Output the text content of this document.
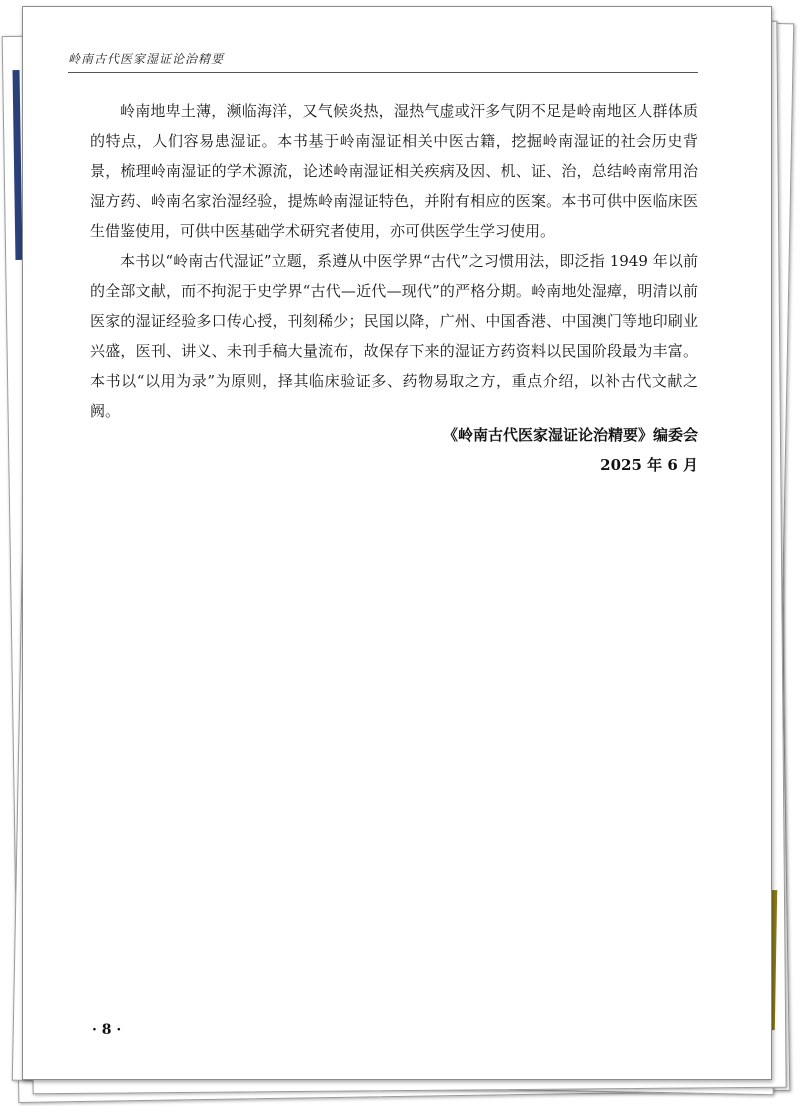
岭南古代医家湿证论治精要

岭南地卑土薄，濒临海洋，又气候炎热，湿热气虚或汗多气阴不足是岭南地区人群体质的特点，人们容易患湿证。本书基于岭南湿证相关中医古籍，挖掘岭南湿证的社会历史背景，梳理岭南湿证的学术源流，论述岭南湿证相关疾病及因、机、证、治，总结岭南常用治湿方药、岭南名家治湿经验，提炼岭南湿证特色，并附有相应的医案。本书可供中医临床医生借鉴使用，可供中医基础学术研究者使用，亦可供医学生学习使用。

本书以“岭南古代湿证”立题，系遵从中医学界“古代”之习惯用法，即泛指 1949 年以前的全部文献，而不拘泥于史学界“古代—近代—现代”的严格分期。岭南地处湿瘴，明清以前医家的湿证经验多口传心授，刊刻稀少；民国以降，广州、中国香港、中国澳门等地印刷业兴盛，医刊、讲义、未刊手稿大量流布，故保存下来的湿证方药资料以民国阶段最为丰富。本书以“以用为录”为原则，择其临床验证多、药物易取之方，重点介绍，以补古代文献之阙。

《岭南古代医家湿证论治精要》编委会
2025 年 6 月
· 8 ·
